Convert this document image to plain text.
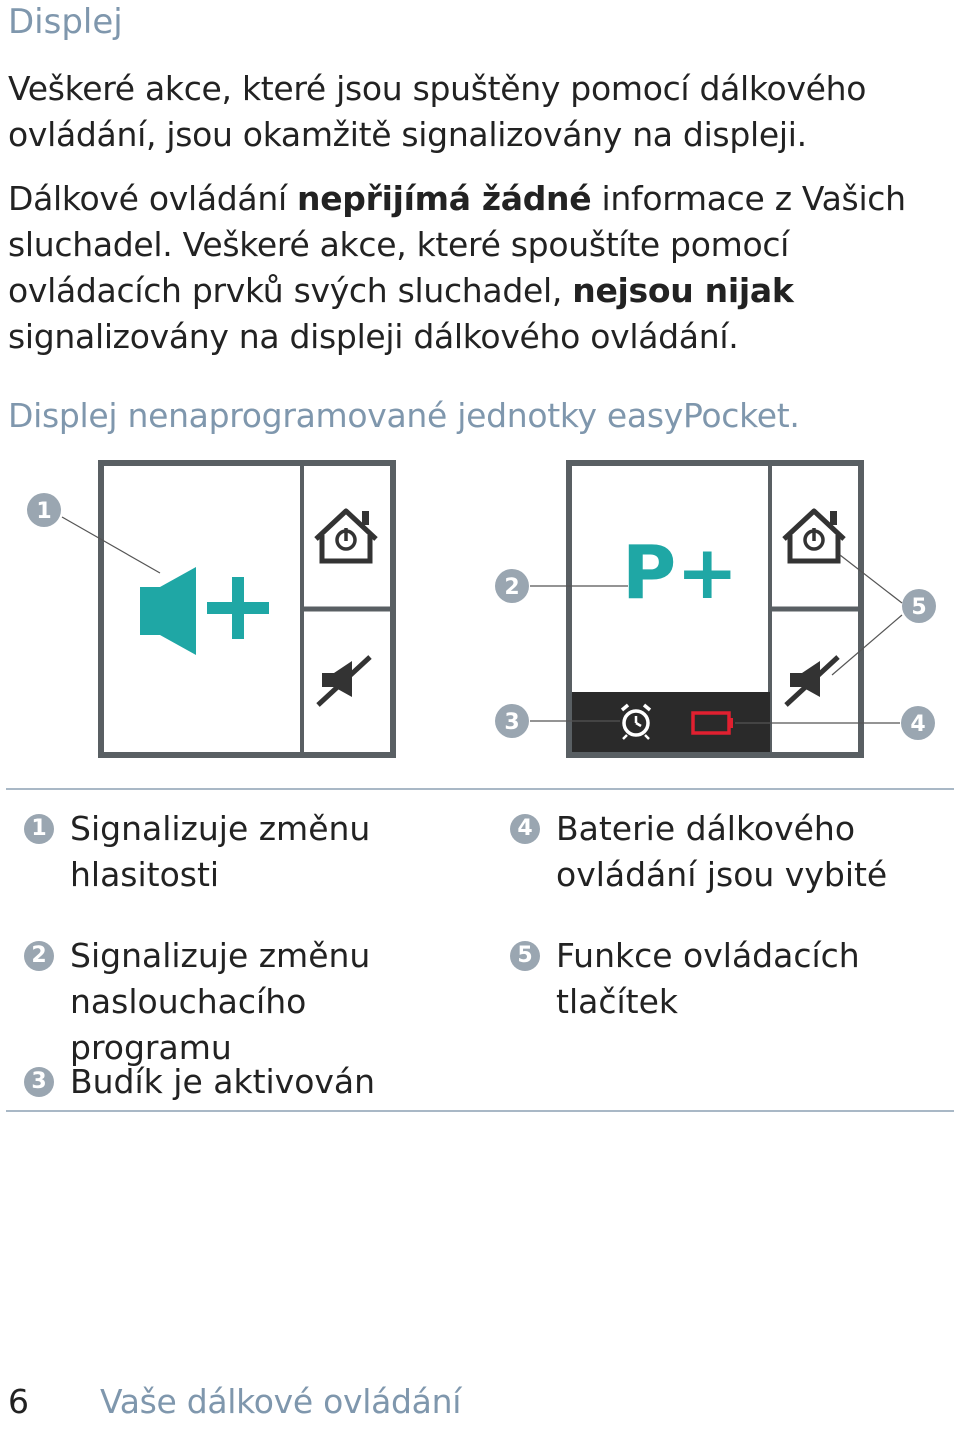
Displej

Veškeré akce, které jsou spuštěny pomocí dálkového
ovládání, jsou okamžitě signalizovány na displeji.

Dálkové ovládání nepřijímá žádné informace z Vašich
sluchadel. Veškeré akce, které spouštíte pomocí
ovládacích prvků svých sluchadel, nejsou nijak
signalizovány na displeji dálkového ovládání.

Displej nenaprogramované jednotky easyPocket.
1
P+
2
3	4
5
1 Signalizuje změnu
hlasitosti
2 Signalizuje změnu
naslouchacího programu
3 Budík je aktivován
4 Baterie dálkového
ovládání jsou vybité
5 Funkce ovládacích
tlačítek
6 Vaše dálkové ovládání
